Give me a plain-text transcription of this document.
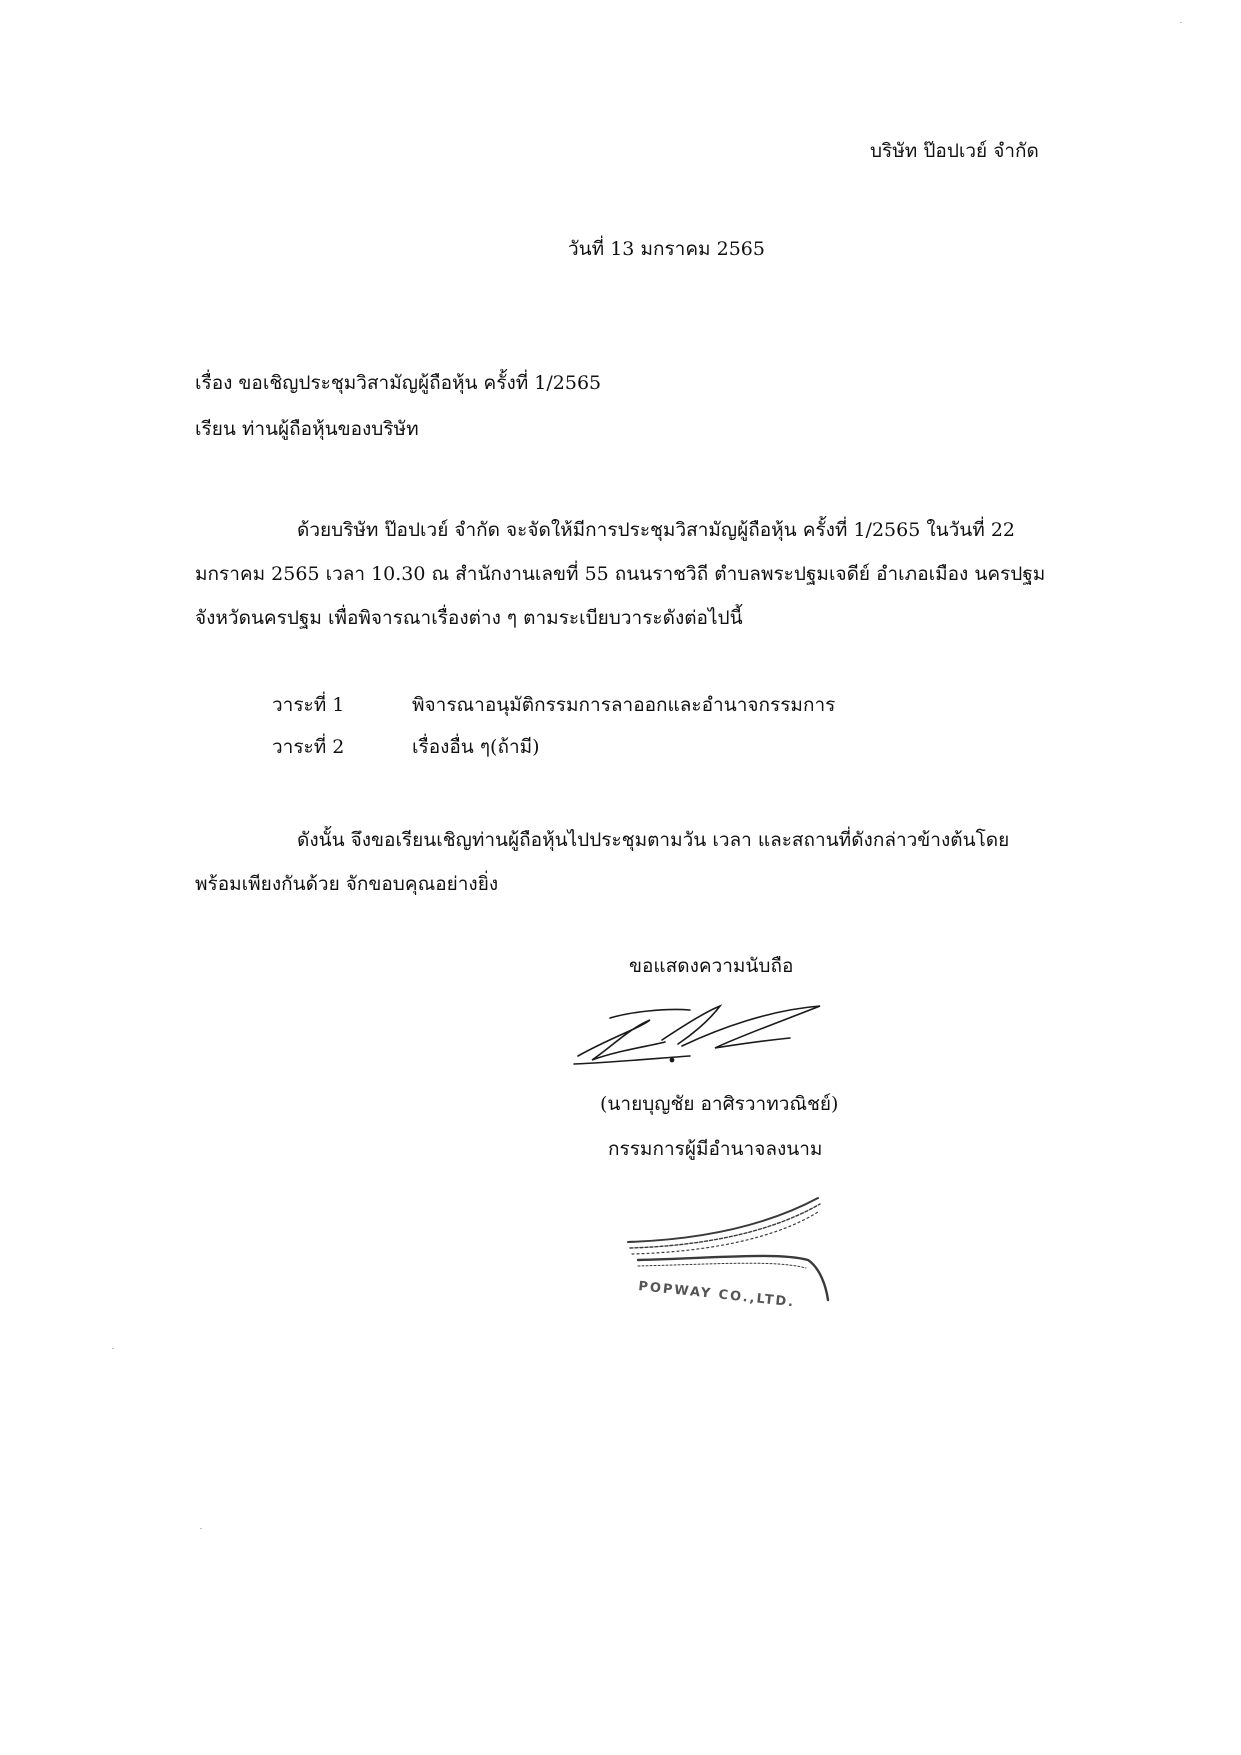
บริษัท ป๊อปเวย์ จำกัด
วันที่ 13 มกราคม 2565
เรื่อง ขอเชิญประชุมวิสามัญผู้ถือหุ้น ครั้งที่ 1/2565
เรียน ท่านผู้ถือหุ้นของบริษัท
ด้วยบริษัท ป๊อปเวย์ จำกัด จะจัดให้มีการประชุมวิสามัญผู้ถือหุ้น ครั้งที่ 1/2565 ในวันที่ 22 มกราคม 2565 เวลา 10.30 ณ สำนักงานเลขที่ 55 ถนนราชวิถี ตำบลพระปฐมเจดีย์ อำเภอเมือง นครปฐม จังหวัดนครปฐม เพื่อพิจารณาเรื่องต่าง ๆ ตามระเบียบวาระดังต่อไปนี้
วาระที่ 1	พิจารณาอนุมัติกรรมการลาออกและอำนาจกรรมการ
วาระที่ 2	เรื่องอื่น ๆ(ถ้ามี)
ดังนั้น จึงขอเรียนเชิญท่านผู้ถือหุ้นไปประชุมตามวัน เวลา และสถานที่ดังกล่าวข้างต้นโดยพร้อมเพียงกันด้วย จักขอบคุณอย่างยิ่ง
ขอแสดงความนับถือ
(นายบุญชัย อาศิรวาทวณิชย์)
กรรมการผู้มีอำนาจลงนาม
POPWAY CO.,LTD.
